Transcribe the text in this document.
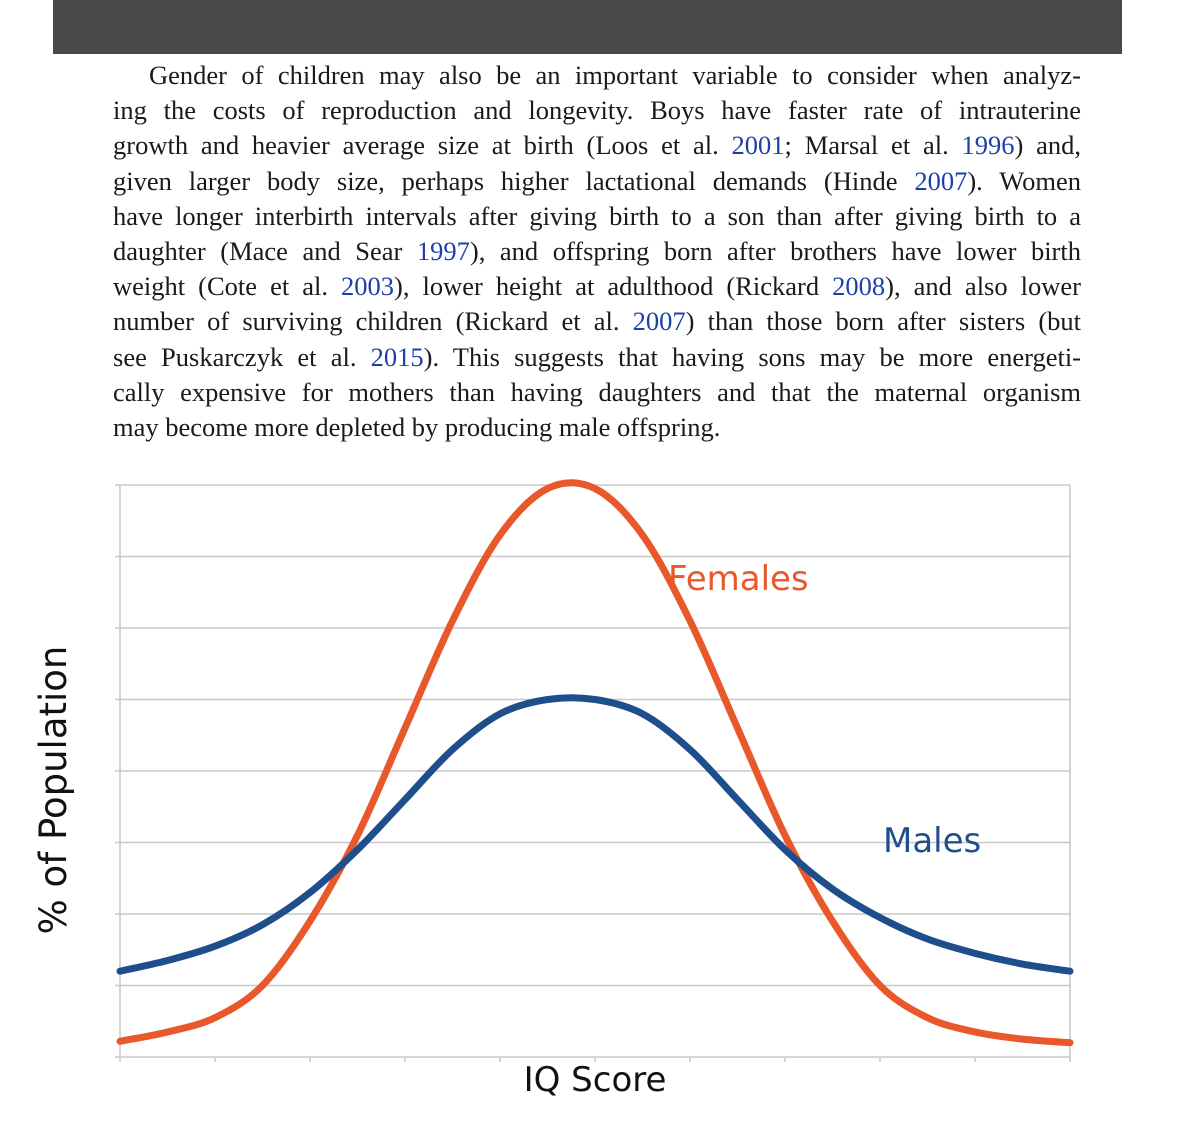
Gender of children may also be an important variable to consider when analyz-
ing the costs of reproduction and longevity. Boys have faster rate of intrauterine
growth and heavier average size at birth (Loos et al. 2001; Marsal et al. 1996) and,
given larger body size, perhaps higher lactational demands (Hinde 2007). Women
have longer interbirth intervals after giving birth to a son than after giving birth to a
daughter (Mace and Sear 1997), and offspring born after brothers have lower birth
weight (Cote et al. 2003), lower height at adulthood (Rickard 2008), and also lower
number of surviving children (Rickard et al. 2007) than those born after sisters (but
see Puskarczyk et al. 2015). This suggests that having sons may be more energeti-
cally expensive for mothers than having daughters and that the maternal organism
may become more depleted by producing male offspring.
% of Population
IQ Score
Females
Males
